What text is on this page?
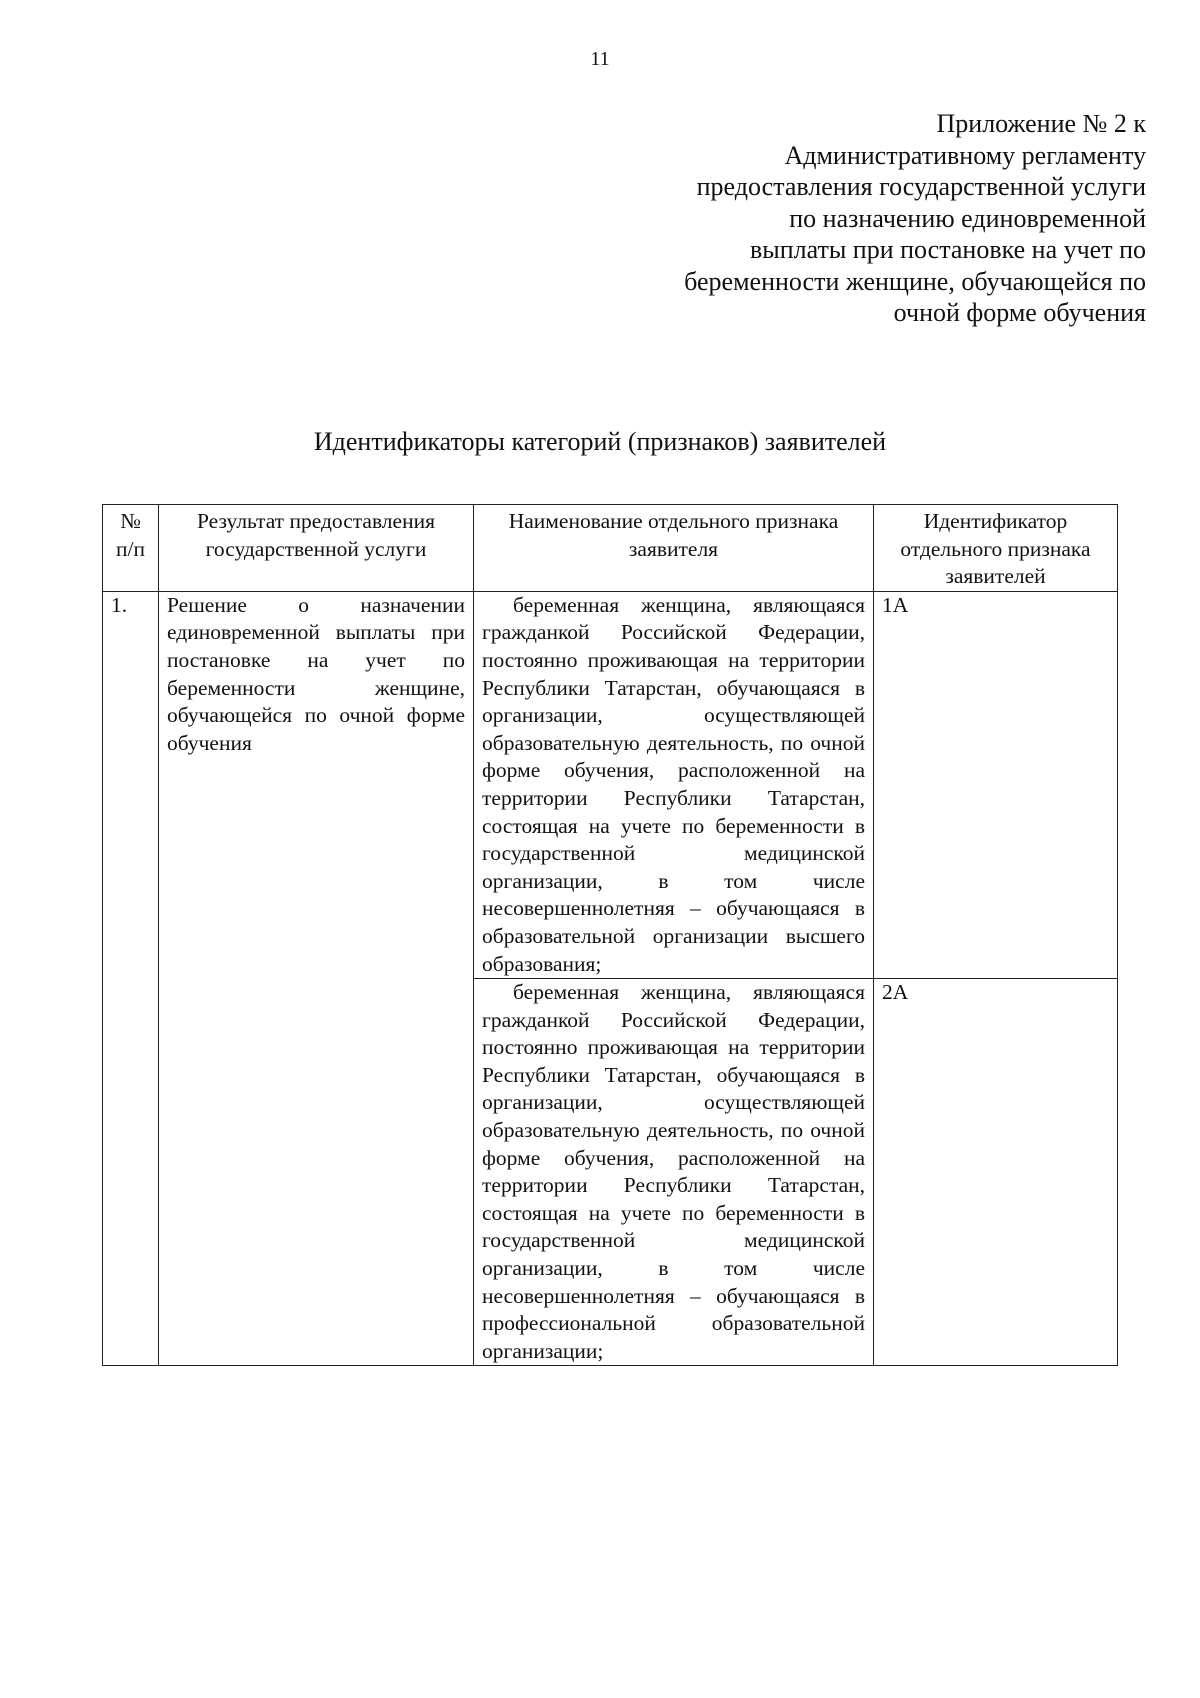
11
Приложение № 2 к
Административному регламенту
предоставления государственной услуги
по назначению единовременной
выплаты при постановке на учет по
беременности женщине, обучающейся по
очной форме обучения
Идентификаторы категорий (признаков) заявителей
№ п/п	Результат предоставления государственной услуги	Наименование отдельного признака заявителя	Идентификатор отдельного признака заявителей
1.	Решение о назначении единовременной выплаты при постановке на учет по беременности женщине, обучающейся по очной форме обучения	беременная женщина, являющаяся гражданкой Российской Федерации, постоянно проживающая на территории Республики Татарстан, обучающаяся в организации, осуществляющей образовательную деятельность, по очной форме обучения, расположенной на территории Республики Татарстан, состоящая на учете по беременности в государственной медицинской организации, в том числе несовершеннолетняя – обучающаяся в образовательной организации высшего образования;	1А

		беременная женщина, являющаяся гражданкой Российской Федерации, постоянно проживающая на территории Республики Татарстан, обучающаяся в организации, осуществляющей образовательную деятельность, по очной форме обучения, расположенной на территории Республики Татарстан, состоящая на учете по беременности в государственной медицинской организации, в том числе несовершеннолетняя – обучающаяся в профессиональной образовательной организации;	2А
